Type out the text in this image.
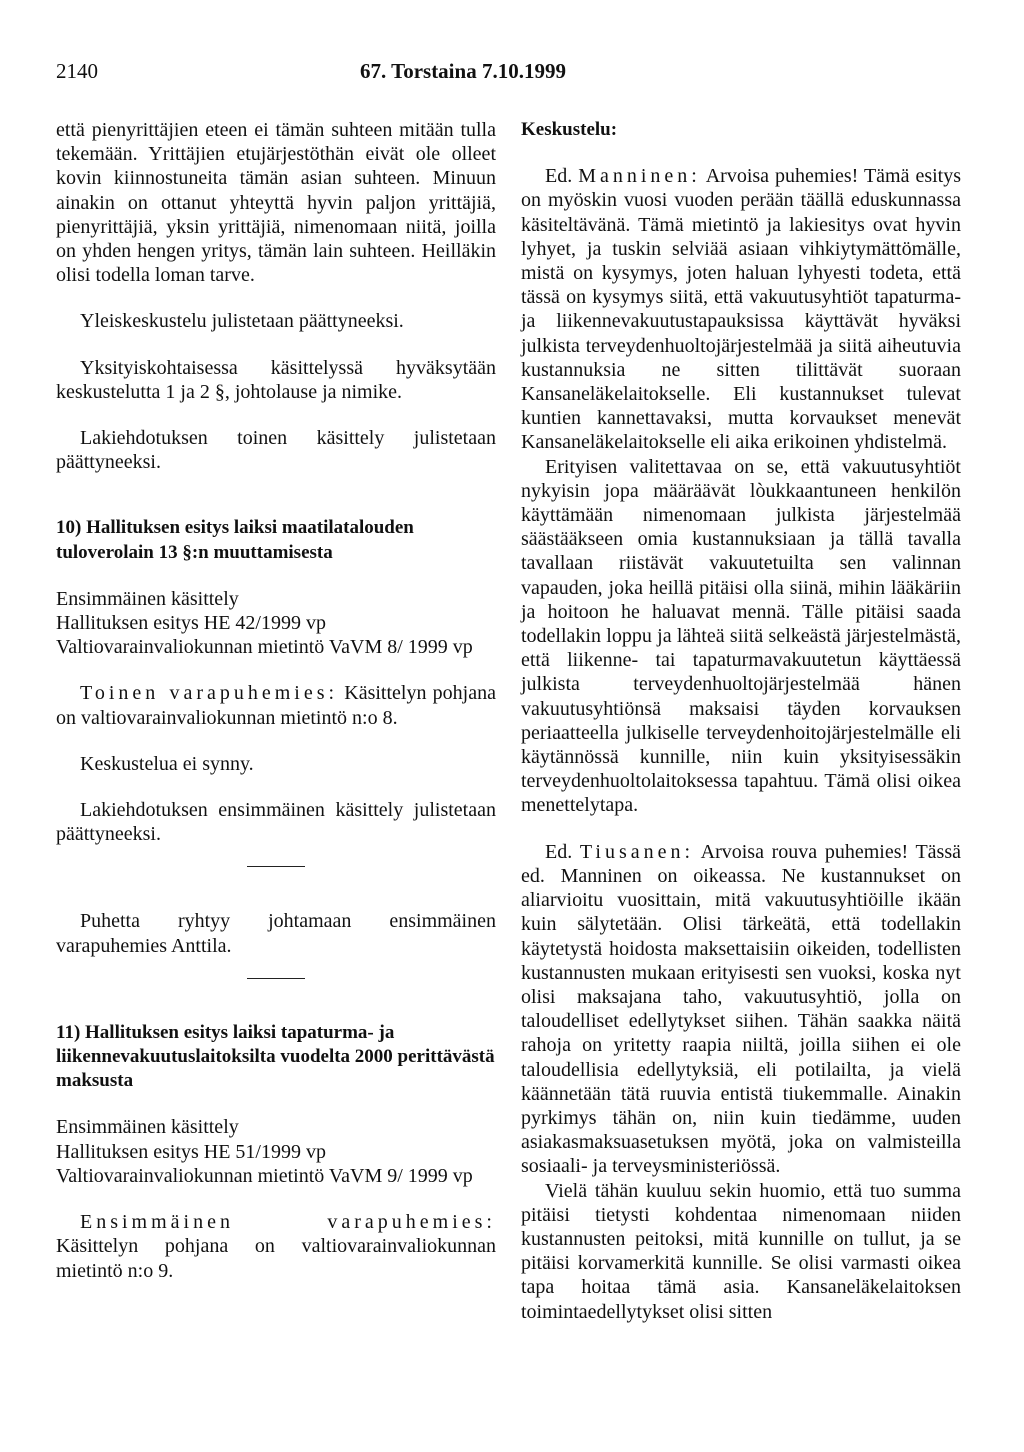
2140	67. Torstaina 7.10.1999

että pienyrittäjien eteen ei tämän suhteen mitään tulla tekemään. Yrittäjien etujärjestöthän eivät ole olleet kovin kiinnostuneita tämän asian suhteen. Minuun ainakin on ottanut yhteyttä hyvin paljon yrittäjiä, pienyrittäjiä, yksin yrittäjiä, nimenomaan niitä, joilla on yhden hengen yritys, tämän lain suhteen. Heilläkin olisi todella loman tarve.

Yleiskeskustelu julistetaan päättyneeksi.

Yksityiskohtaisessa käsittelyssä hyväksytään keskustelutta 1 ja 2 §, johtolause ja nimike.

Lakiehdotuksen toinen käsittely julistetaan päättyneeksi.

10) Hallituksen esitys laiksi maatilatalouden tuloverolain 13 §:n muuttamisesta

Ensimmäinen käsittely
Hallituksen esitys HE 42/1999 vp
Valtiovarainvaliokunnan mietintö VaVM 8/ 1999 vp

Toinen varapuhemies: Käsittelyn pohjana on valtiovarainvaliokunnan mietintö n:o 8.

Keskustelua ei synny.

Lakiehdotuksen ensimmäinen käsittely julistetaan päättyneeksi.

Puhetta ryhtyy johtamaan ensimmäinen varapuhemies Anttila.

11) Hallituksen esitys laiksi tapaturma- ja liikennevakuutuslaitoksilta vuodelta 2000 perittävästä maksusta

Ensimmäinen käsittely
Hallituksen esitys HE 51/1999 vp
Valtiovarainvaliokunnan mietintö VaVM 9/ 1999 vp

Ensimmäinen varapuhemies: Käsittelyn pohjana on valtiovarainvaliokunnan mietintö n:o 9.

Keskustelu:

Ed. Manninen: Arvoisa puhemies! Tämä esitys on myöskin vuosi vuoden perään täällä eduskunnassa käsiteltävänä. Tämä mietintö ja lakiesitys ovat hyvin lyhyet, ja tuskin selviää asiaan vihkiytymättömälle, mistä on kysymys, joten haluan lyhyesti todeta, että tässä on kysymys siitä, että vakuutusyhtiöt tapaturma- ja liikennevakuutustapauksissa käyttävät hyväksi julkista terveydenhuoltojärjestelmää ja siitä aiheutuvia kustannuksia ne sitten tilittävät suoraan Kansaneläkelaitokselle. Eli kustannukset tulevat kuntien kannettavaksi, mutta korvaukset menevät Kansaneläkelaitokselle eli aika erikoinen yhdistelmä.

Erityisen valitettavaa on se, että vakuutusyhtiöt nykyisin jopa määräävät lòukkaantuneen henkilön käyttämään nimenomaan julkista järjestelmää säästääkseen omia kustannuksiaan ja tällä tavalla tavallaan riistävät vakuutetuilta sen valinnan vapauden, joka heillä pitäisi olla siinä, mihin lääkäriin ja hoitoon he haluavat mennä. Tälle pitäisi saada todellakin loppu ja lähteä siitä selkeästä järjestelmästä, että liikenne- tai tapaturmavakuutetun käyttäessä julkista terveydenhuoltojärjestelmää hänen vakuutusyhtiönsä maksaisi täyden korvauksen periaatteella julkiselle terveydenhoitojärjestelmälle eli käytännössä kunnille, niin kuin yksityisessäkin terveydenhuoltolaitoksessa tapahtuu. Tämä olisi oikea menettelytapa.

Ed. Tiusanen: Arvoisa rouva puhemies! Tässä ed. Manninen on oikeassa. Ne kustannukset on aliarvioitu vuosittain, mitä vakuutusyhtiöille ikään kuin sälytetään. Olisi tärkeätä, että todellakin käytetystä hoidosta maksettaisiin oikeiden, todellisten kustannusten mukaan erityisesti sen vuoksi, koska nyt olisi maksajana taho, vakuutusyhtiö, jolla on taloudelliset edellytykset siihen. Tähän saakka näitä rahoja on yritetty raapia niiltä, joilla siihen ei ole taloudellisia edellytyksiä, eli potilailta, ja vielä käännetään tätä ruuvia entistä tiukemmalle. Ainakin pyrkimys tähän on, niin kuin tiedämme, uuden asiakasmaksuasetuksen myötä, joka on valmisteilla sosiaali- ja terveysministeriössä.

Vielä tähän kuuluu sekin huomio, että tuo summa pitäisi tietysti kohdentaa nimenomaan niiden kustannusten peitoksi, mitä kunnille on tullut, ja se pitäisi korvamerkitä kunnille. Se olisi varmasti oikea tapa hoitaa tämä asia. Kansaneläkelaitoksen toimintaedellytykset olisi sitten
